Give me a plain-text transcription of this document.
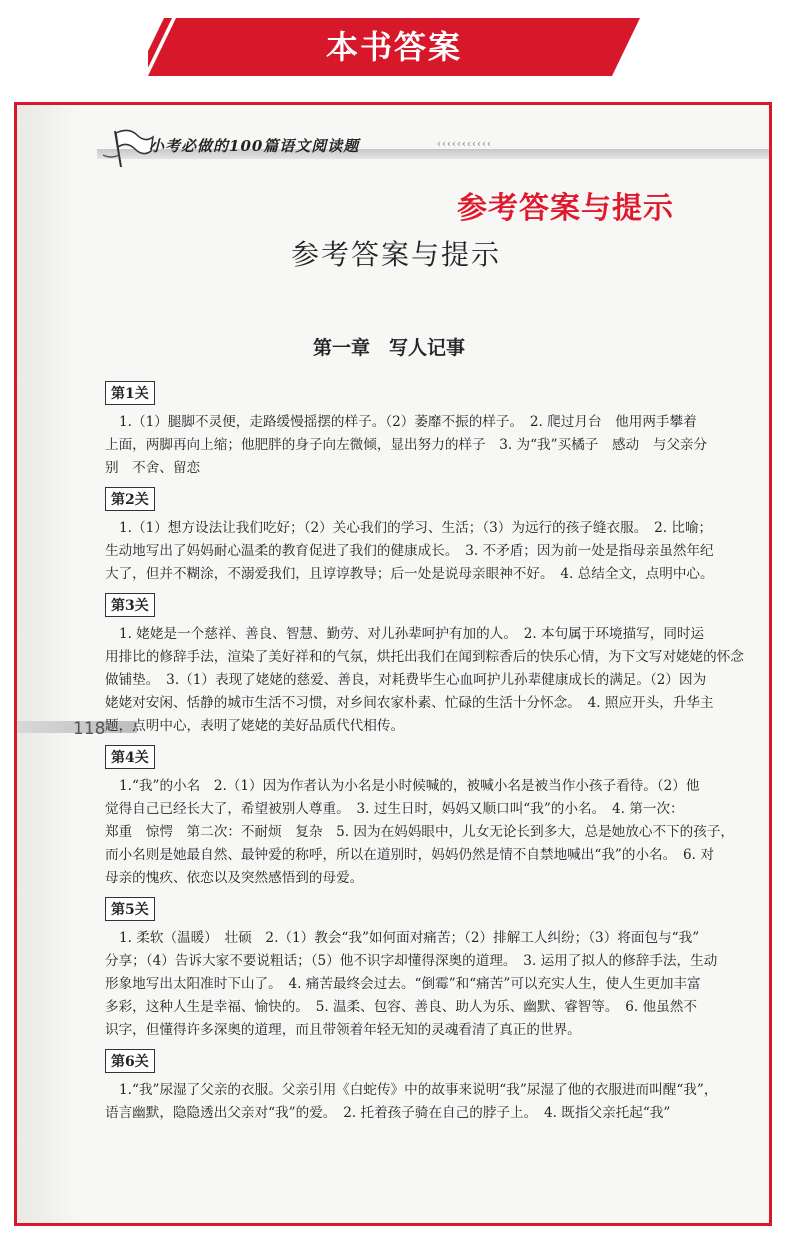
本书答案
小考必做的100篇语文阅读题	‹‹‹‹‹‹‹‹‹‹‹
参考答案与提示
参考答案与提示
第一章　写人记事
118
第1关
1.（1）腿脚不灵便，走路缓慢摇摆的样子。（2）萎靡不振的样子。　2. 爬过月台　他用两手攀着
上面，两脚再向上缩；他肥胖的身子向左微倾，显出努力的样子　3. 为“我”买橘子　感动　与父亲分
别　不舍、留恋
第2关
1.（1）想方设法让我们吃好；（2）关心我们的学习、生活；（3）为远行的孩子缝衣服。　2. 比喻；
生动地写出了妈妈耐心温柔的教育促进了我们的健康成长。　3. 不矛盾；因为前一处是指母亲虽然年纪
大了，但并不糊涂，不溺爱我们，且谆谆教导；后一处是说母亲眼神不好。　4. 总结全文，点明中心。
第3关
1. 姥姥是一个慈祥、善良、智慧、勤劳、对儿孙辈呵护有加的人。　2. 本句属于环境描写，同时运
用排比的修辞手法，渲染了美好祥和的气氛，烘托出我们在闻到粽香后的快乐心情，为下文写对姥姥的怀念
做铺垫。　3.（1）表现了姥姥的慈爱、善良，对耗费毕生心血呵护儿孙辈健康成长的满足。（2）因为
姥姥对安闲、恬静的城市生活不习惯，对乡间农家朴素、忙碌的生活十分怀念。　4. 照应开头，升华主
题，点明中心，表明了姥姥的美好品质代代相传。
第4关
1.“我”的小名　2.（1）因为作者认为小名是小时候喊的，被喊小名是被当作小孩子看待。（2）他
觉得自己已经长大了，希望被别人尊重。　3. 过生日时，妈妈又顺口叫“我”的小名。　4. 第一次：
郑重　惊愕　第二次：不耐烦　复杂　5. 因为在妈妈眼中，儿女无论长到多大，总是她放心不下的孩子，
而小名则是她最自然、最钟爱的称呼，所以在道别时，妈妈仍然是情不自禁地喊出“我”的小名。　6. 对
母亲的愧疚、依恋以及突然感悟到的母爱。
第5关
1. 柔软（温暖）　壮硕　2.（1）教会“我”如何面对痛苦；（2）排解工人纠纷；（3）将面包与“我”
分享；（4）告诉大家不要说粗话；（5）他不识字却懂得深奥的道理。　3. 运用了拟人的修辞手法，生动
形象地写出太阳准时下山了。　4. 痛苦最终会过去。“倒霉”和“痛苦”可以充实人生，使人生更加丰富
多彩，这种人生是幸福、愉快的。　5. 温柔、包容、善良、助人为乐、幽默、睿智等。　6. 他虽然不
识字，但懂得许多深奥的道理，而且带领着年轻无知的灵魂看清了真正的世界。
第6关
1.“我”尿湿了父亲的衣服。父亲引用《白蛇传》中的故事来说明“我”尿湿了他的衣服进而叫醒“我”，
语言幽默，隐隐透出父亲对“我”的爱。　2. 托着孩子骑在自己的脖子上。　4. 既指父亲托起“我”
